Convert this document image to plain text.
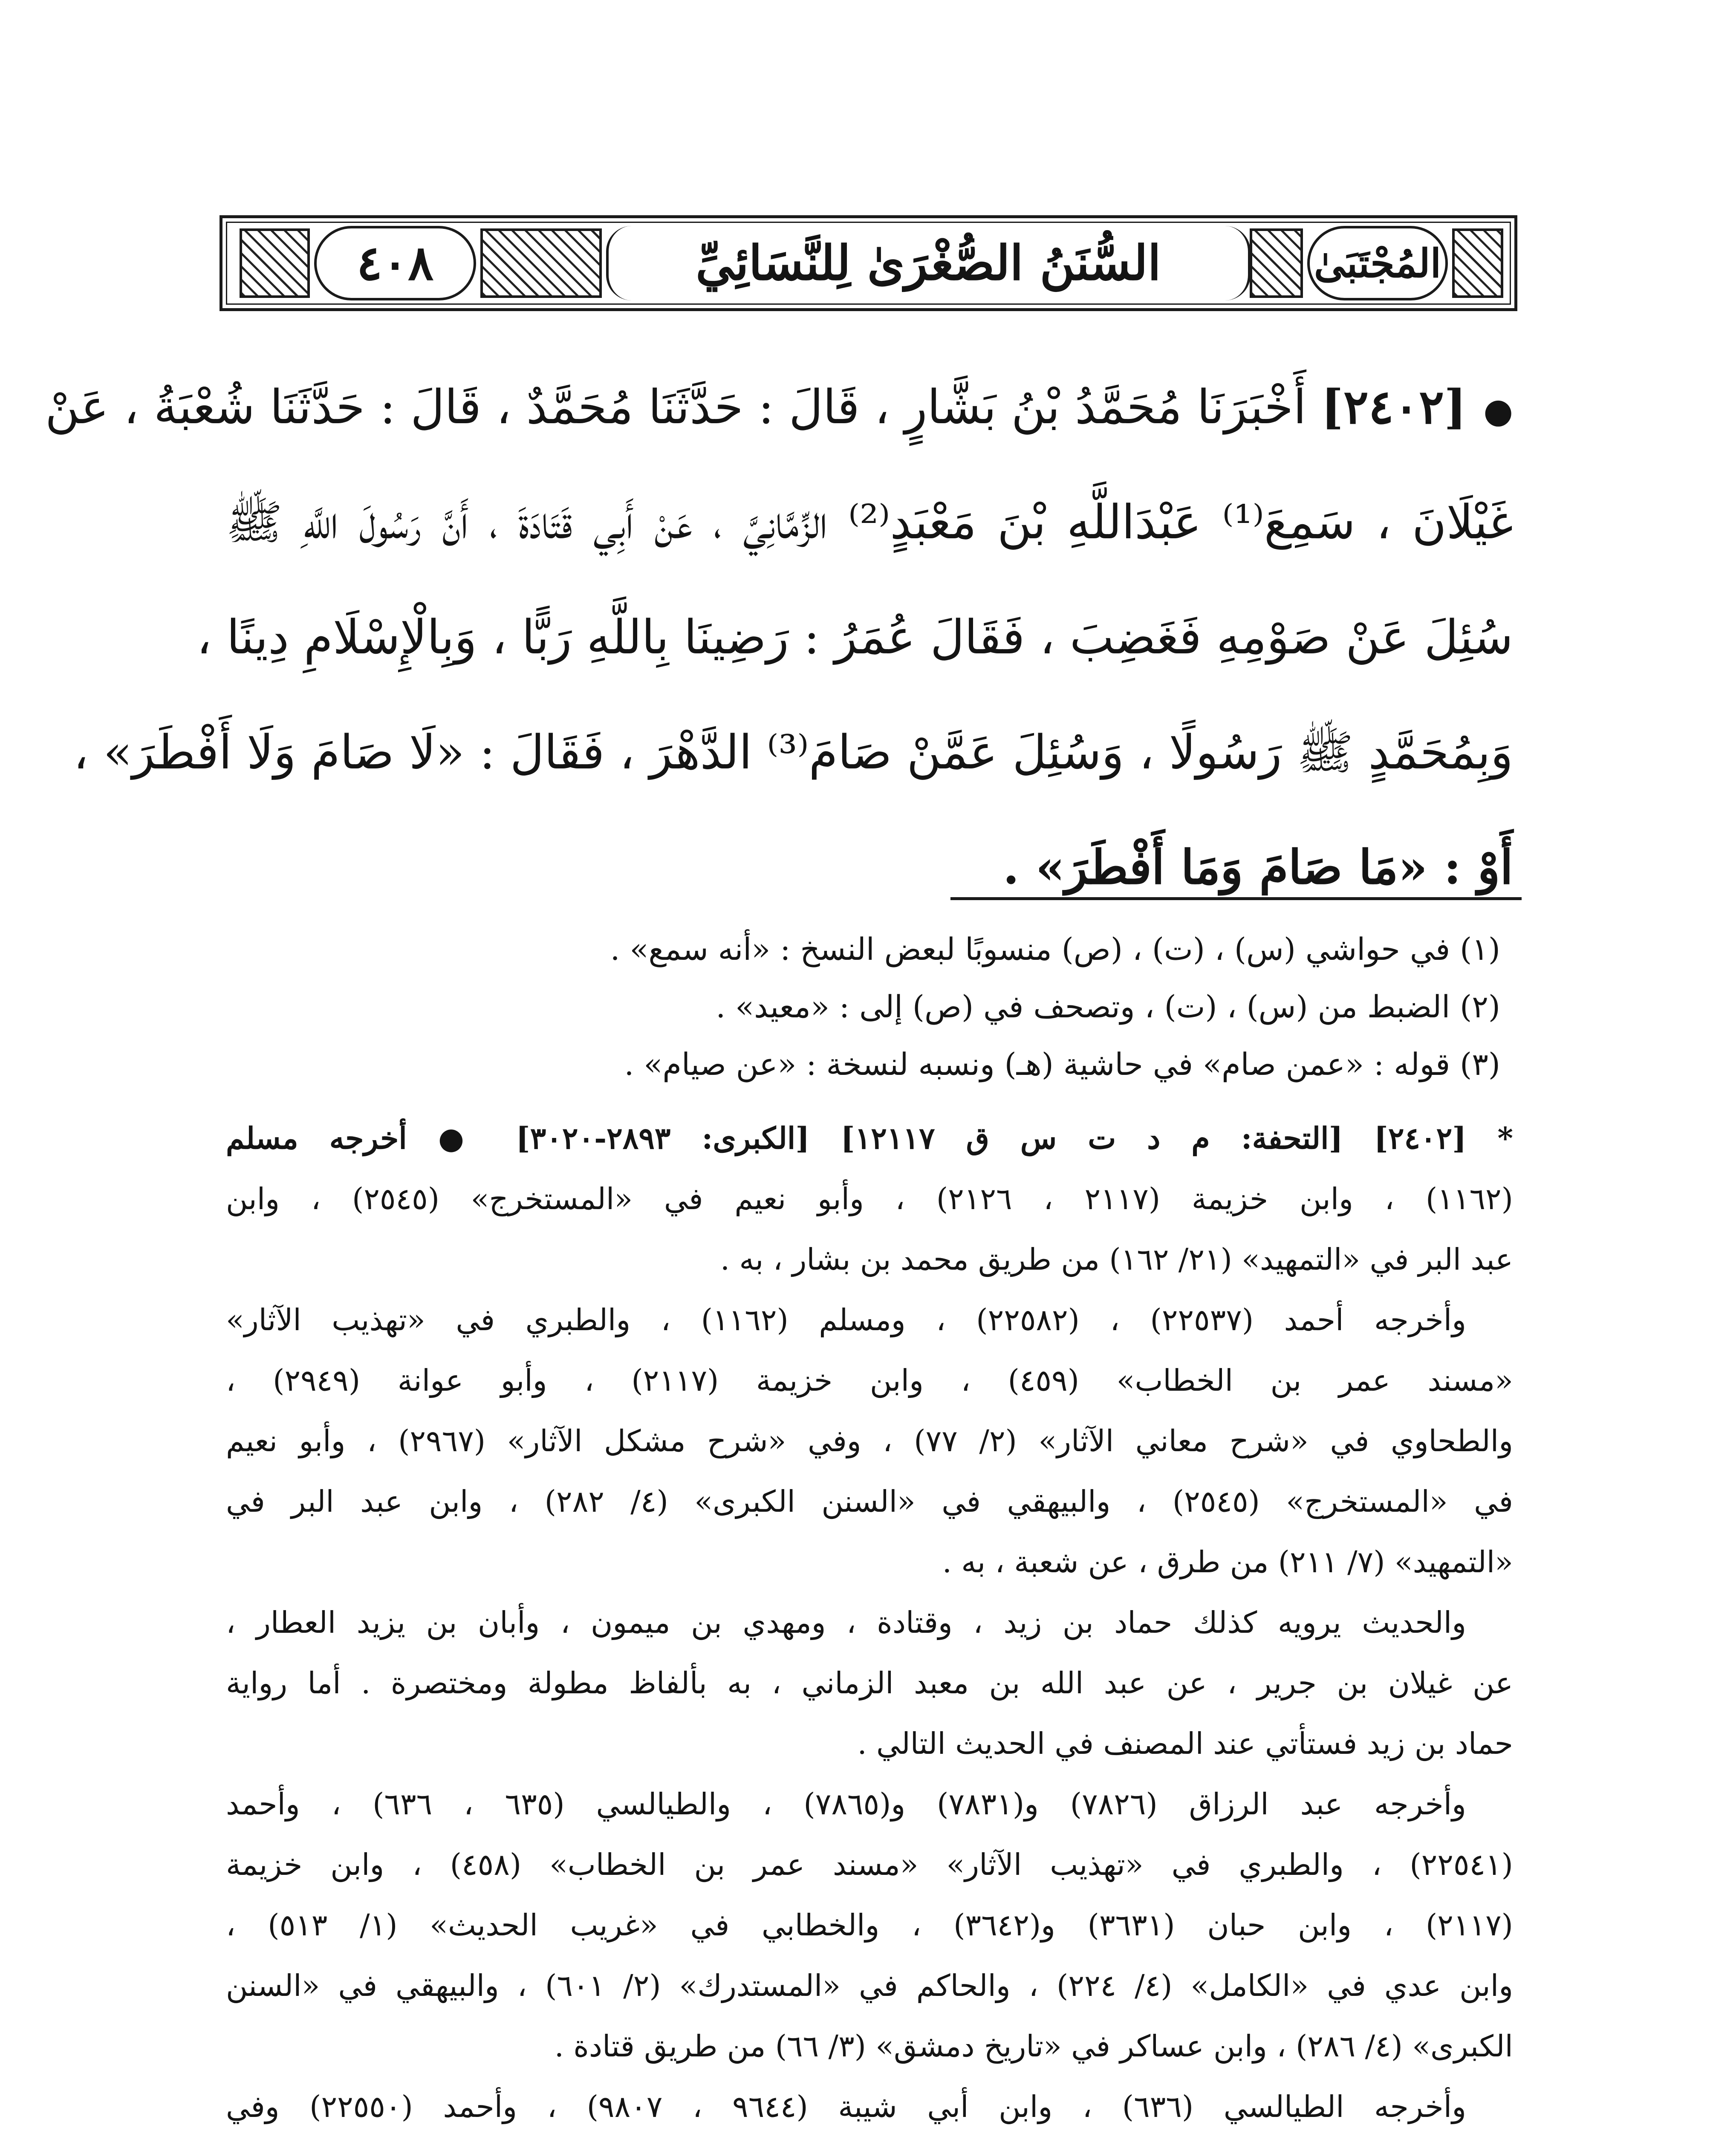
٤٠٨	السُّنَنُ الصُّغْرَىٰ لِلنَّسَائِيِّ	المُجْتَبَىٰ
●[٢٤٠٢] أَخْبَرَنَا مُحَمَّدُ بْنُ بَشَّارٍ ، قَالَ : حَدَّثَنَا مُحَمَّدٌ ، قَالَ : حَدَّثَنَا شُعْبَةُ ، عَنْ
غَيْلَانَ ، سَمِعَ⁽¹⁾ عَبْدَاللَّهِ بْنَ مَعْبَدٍ⁽²⁾ الزِّمَّانِيَّ ، عَنْ أَبِي قَتَادَةَ ، أَنَّ رَسُولَ اللَّهِ ﷺ
سُئِلَ عَنْ صَوْمِهِ فَغَضِبَ ، فَقَالَ عُمَرُ : رَضِينَا بِاللَّهِ رَبًّا ، وَبِالْإِسْلَامِ دِينًا ،
وَبِمُحَمَّدٍ ﷺ رَسُولًا ، وَسُئِلَ عَمَّنْ صَامَ⁽³⁾ الدَّهْرَ ، فَقَالَ : «لَا صَامَ وَلَا أَفْطَرَ» ،
أَوْ : «مَا صَامَ وَمَا أَفْطَرَ» .
(١) في حواشي (س) ، (ت) ، (ص) منسوبًا لبعض النسخ : «أنه سمع» .
(٢) الضبط من (س) ، (ت) ، وتصحف في (ص) إلى : «معيد» .
(٣) قوله : «عمن صام» في حاشية (هـ) ونسبه لنسخة : «عن صيام» .
* [٢٤٠٢] [التحفة: م د ت س ق ١٢١١٧] [الكبرى: ٢٨٩٣-٣٠٢٠] ● أخرجه مسلم
(١١٦٢) ، وابن خزيمة (٢١١٧ ، ٢١٢٦) ، وأبو نعيم في «المستخرج» (٢٥٤٥) ، وابن
عبد البر في «التمهيد» (٢١/ ١٦٢) من طريق محمد بن بشار ، به .
وأخرجه أحمد (٢٢٥٣٧) ، (٢٢٥٨٢) ، ومسلم (١١٦٢) ، والطبري في «تهذيب الآثار»
«مسند عمر بن الخطاب» (٤٥٩) ، وابن خزيمة (٢١١٧) ، وأبو عوانة (٢٩٤٩) ،
والطحاوي في «شرح معاني الآثار» (٢/ ٧٧) ، وفي «شرح مشكل الآثار» (٢٩٦٧) ، وأبو نعيم
في «المستخرج» (٢٥٤٥) ، والبيهقي في «السنن الكبرى» (٤/ ٢٨٢) ، وابن عبد البر في
«التمهيد» (٧/ ٢١١) من طرق ، عن شعبة ، به .
والحديث يرويه كذلك حماد بن زيد ، وقتادة ، ومهدي بن ميمون ، وأبان بن يزيد العطار ،
عن غيلان بن جرير ، عن عبد الله بن معبد الزماني ، به بألفاظ مطولة ومختصرة . أما رواية
حماد بن زيد فستأتي عند المصنف في الحديث التالي .
وأخرجه عبد الرزاق (٧٨٢٦) و(٧٨٣١) و(٧٨٦٥) ، والطيالسي (٦٣٥ ، ٦٣٦) ، وأحمد
(٢٢٥٤١) ، والطبري في «تهذيب الآثار» «مسند عمر بن الخطاب» (٤٥٨) ، وابن خزيمة
(٢١١٧) ، وابن حبان (٣٦٣١) و(٣٦٤٢) ، والخطابي في «غريب الحديث» (١/ ٥١٣) ،
وابن عدي في «الكامل» (٤/ ٢٢٤) ، والحاكم في «المستدرك» (٢/ ٦٠١) ، والبيهقي في «السنن
الكبرى» (٤/ ٢٨٦) ، وابن عساكر في «تاريخ دمشق» (٣/ ٦٦) من طريق قتادة .
وأخرجه الطيالسي (٦٣٦) ، وابن أبي شيبة (٩٦٤٤ ، ٩٨٠٧) ، وأحمد (٢٢٥٥٠) وفي
